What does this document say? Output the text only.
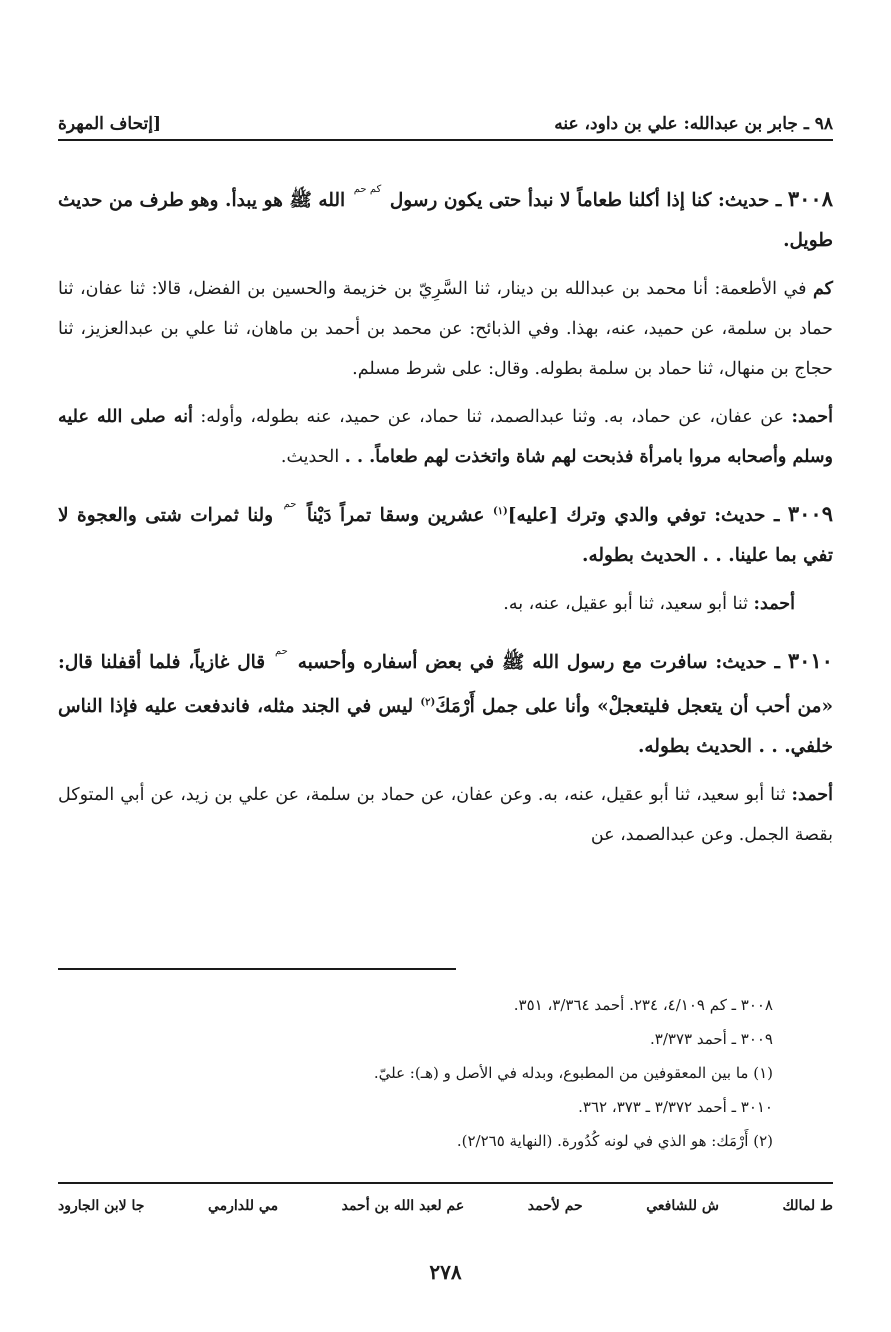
٩٨ ـ جابر بن عبدالله: علي بن داود، عنه
[إتحاف المهرة

٣٠٠٨ ـ حديث: كنا إذا أكلنا طعاماً لا نبدأ حتى يكون رسول $^{كم حم}$ الله ﷺ هو يبدأ. وهو طرف من حديث طويل.

كم في الأطعمة: أنا محمد بن عبدالله بن دينار، ثنا السَّرِيّ بن خزيمة والحسين بن الفضل، قالا: ثنا عفان، ثنا حماد بن سلمة، عن حميد، عنه، بهذا. وفي الذبائح: عن محمد بن أحمد بن ماهان، ثنا علي بن عبدالعزيز، ثنا حجاج بن منهال، ثنا حماد بن سلمة بطوله. وقال: على شرط مسلم.

أحمد: عن عفان، عن حماد، به. وثنا عبدالصمد، ثنا حماد، عن حميد، عنه بطوله، وأوله: أنه صلى الله عليه وسلم وأصحابه مروا بامرأة فذبحت لهم شاة واتخذت لهم طعاماً. . . الحديث.

٣٠٠٩ ـ حديث: توفي والدي وترك [عليه]$^{(١)}$ عشرين وسقا تمراً دَيْناً $^{حم}$ ولنا ثمرات شتى والعجوة لا تفي بما علينا. . . الحديث بطوله.

أحمد: ثنا أبو سعيد، ثنا أبو عقيل، عنه، به.

٣٠١٠ ـ حديث: سافرت مع رسول الله ﷺ في بعض أسفاره وأحسبه $^{حم}$ قال غازياً، فلما أقفلنا قال: «من أحب أن يتعجل فليتعجلْ» وأنا على جمل أَرْمَكَ$^{(٢)}$ ليس في الجند مثله، فاندفعت عليه فإذا الناس خلفي. . . الحديث بطوله.

أحمد: ثنا أبو سعيد، ثنا أبو عقيل، عنه، به. وعن عفان، عن حماد بن سلمة، عن علي بن زيد، عن أبي المتوكل بقصة الجمل. وعن عبدالصمد، عن

٣٠٠٨ ـ كم ٤/١٠٩، ٢٣٤. أحمد ٣/٣٦٤، ٣٥١.

٣٠٠٩ ـ أحمد ٣/٣٧٣.

(١) ما بين المعقوفين من المطبوع، وبدله في الأصل و (هـ): عليّ.

٣٠١٠ ـ أحمد ٣/٣٧٢ ـ ٣٧٣، ٣٦٢.

(٢) أَرْمَك: هو الذي في لونه كُدُورة. (النهاية ٢/٢٦٥).

ط لمالك
ش للشافعي
حم لأحمد
عم لعبد الله بن أحمد
مي للدارمي
جا لابن الجارود
٢٧٨
